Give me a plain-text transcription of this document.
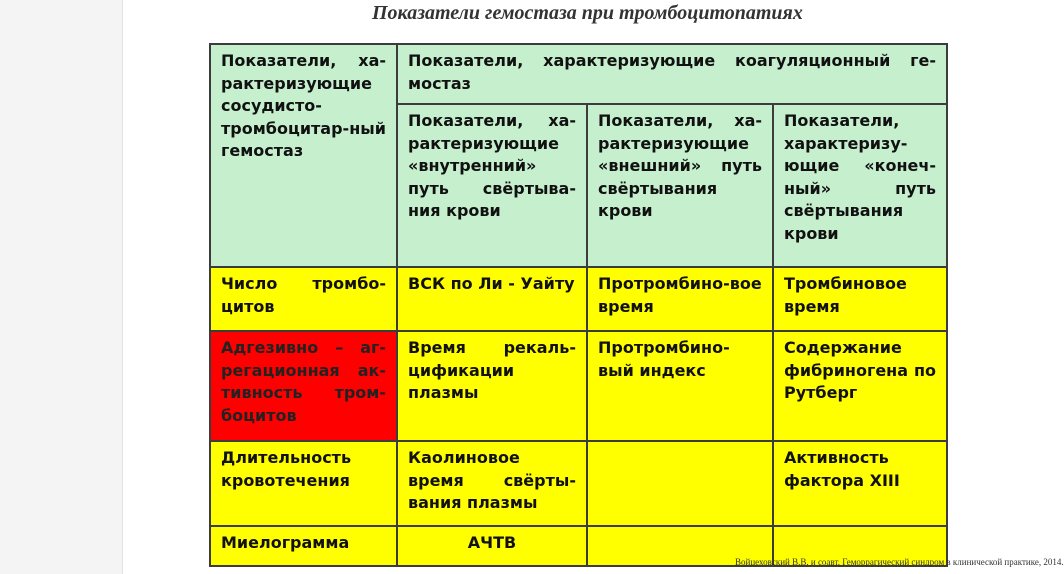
Показатели гемостаза при тромбоцитопатиях
Показатели, ха-рактеризующие сосудисто-тромбоцитар-ный гемостаз	Показатели, характеризующие коагуляционный ге-мостаз		
	Показатели, ха-рактеризующие «внутренний» путь свёртыва-ния крови	Показатели, ха-рактеризующие «внешний» путь свёртывания крови	Показатели, характеризу-ющие «конеч-ный» путь свёртывания крови
Число тромбо-цитов	ВСК по Ли - Уайту	Протромбино-вое время	Тромбиновое время
Адгезивно – аг-регационная ак-тивность тром-боцитов	Время рекаль-цификации плазмы	Протромбино-вый индекс	Содержание фибриногена по Рутберг
Длительность кровотечения	Каолиновое время свёрты-вания плазмы		Активность фактора XIII
Миелограмма	АЧТВ		
Войцеховский В.В. и соавт. Геморрагический синдром в клинической практике, 2014.
